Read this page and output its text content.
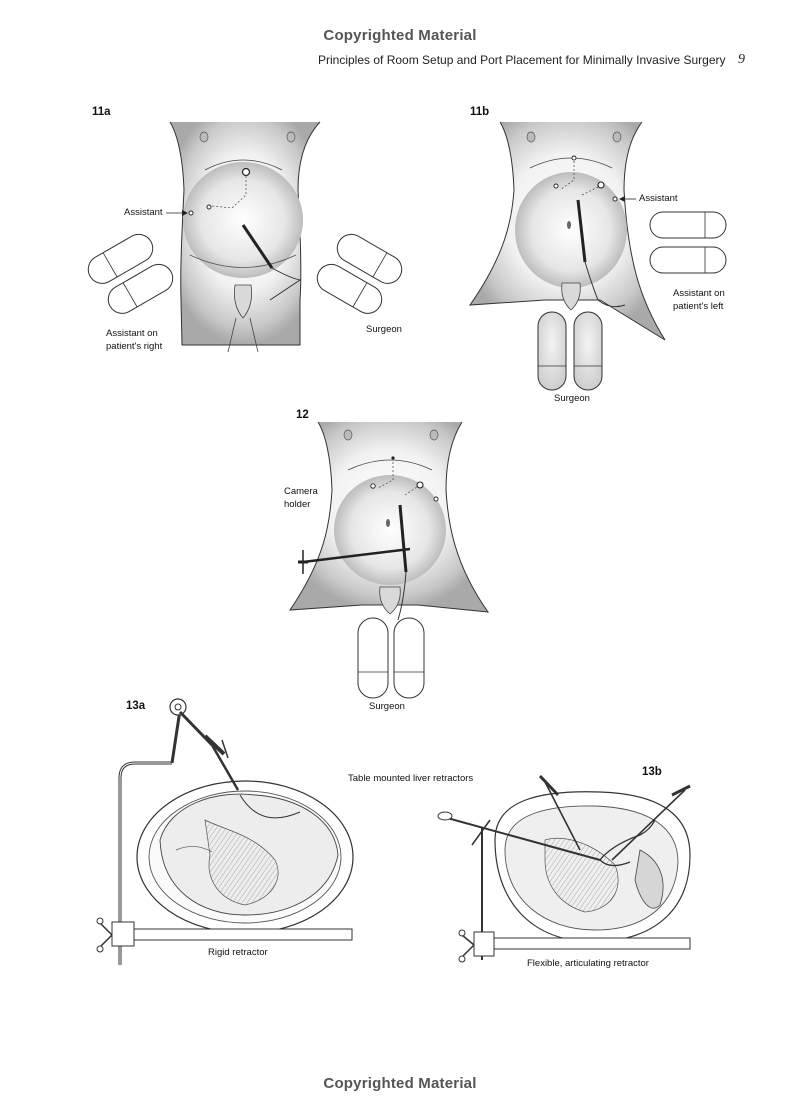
Copyrighted Material
Principles of Room Setup and Port Placement for Minimally Invasive Surgery 9
11a
Assistant
Assistant on
patient's right
Surgeon
11b
Assistant
Assistant on
patient's left
Surgeon
12
Camera
holder
Surgeon
13a
Table mounted liver retractors
13b
Rigid retractor
Flexible, articulating retractor
Copyrighted Material
